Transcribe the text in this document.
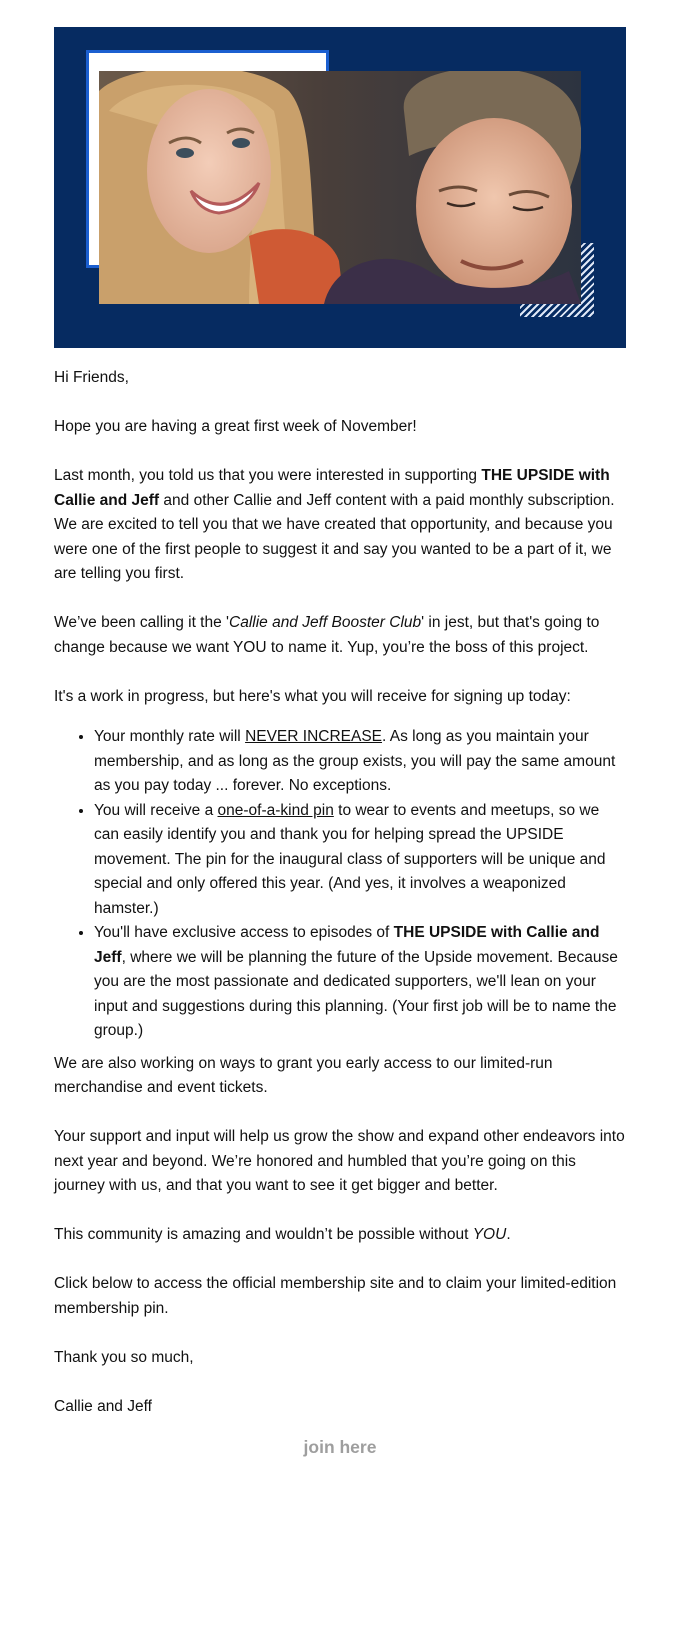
Hi Friends,

Hope you are having a great first week of November!

Last month, you told us that you were interested in supporting THE UPSIDE with Callie and Jeff and other Callie and Jeff content with a paid monthly subscription. We are excited to tell you that we have created that opportunity, and because you were one of the first people to suggest it and say you wanted to be a part of it, we are telling you first.

We’ve been calling it the 'Callie and Jeff Booster Club' in jest, but that's going to change because we want YOU to name it. Yup, you’re the boss of this project.

It's a work in progress, but here's what you will receive for signing up today:

• Your monthly rate will NEVER INCREASE. As long as you maintain your membership, and as long as the group exists, you will pay the same amount as you pay today ... forever. No exceptions.
• You will receive a one-of-a-kind pin to wear to events and meetups, so we can easily identify you and thank you for helping spread the UPSIDE movement. The pin for the inaugural class of supporters will be unique and special and only offered this year. (And yes, it involves a weaponized hamster.)
• You'll have exclusive access to episodes of THE UPSIDE with Callie and Jeff, where we will be planning the future of the Upside movement. Because you are the most passionate and dedicated supporters, we'll lean on your input and suggestions during this planning. (Your first job will be to name the group.)

We are also working on ways to grant you early access to our limited-run merchandise and event tickets.

Your support and input will help us grow the show and expand other endeavors into next year and beyond. We’re honored and humbled that you’re going on this journey with us, and that you want to see it get bigger and better.

This community is amazing and wouldn’t be possible without YOU.

Click below to access the official membership site and to claim your limited-edition membership pin.

Thank you so much,

Callie and Jeff

join here
